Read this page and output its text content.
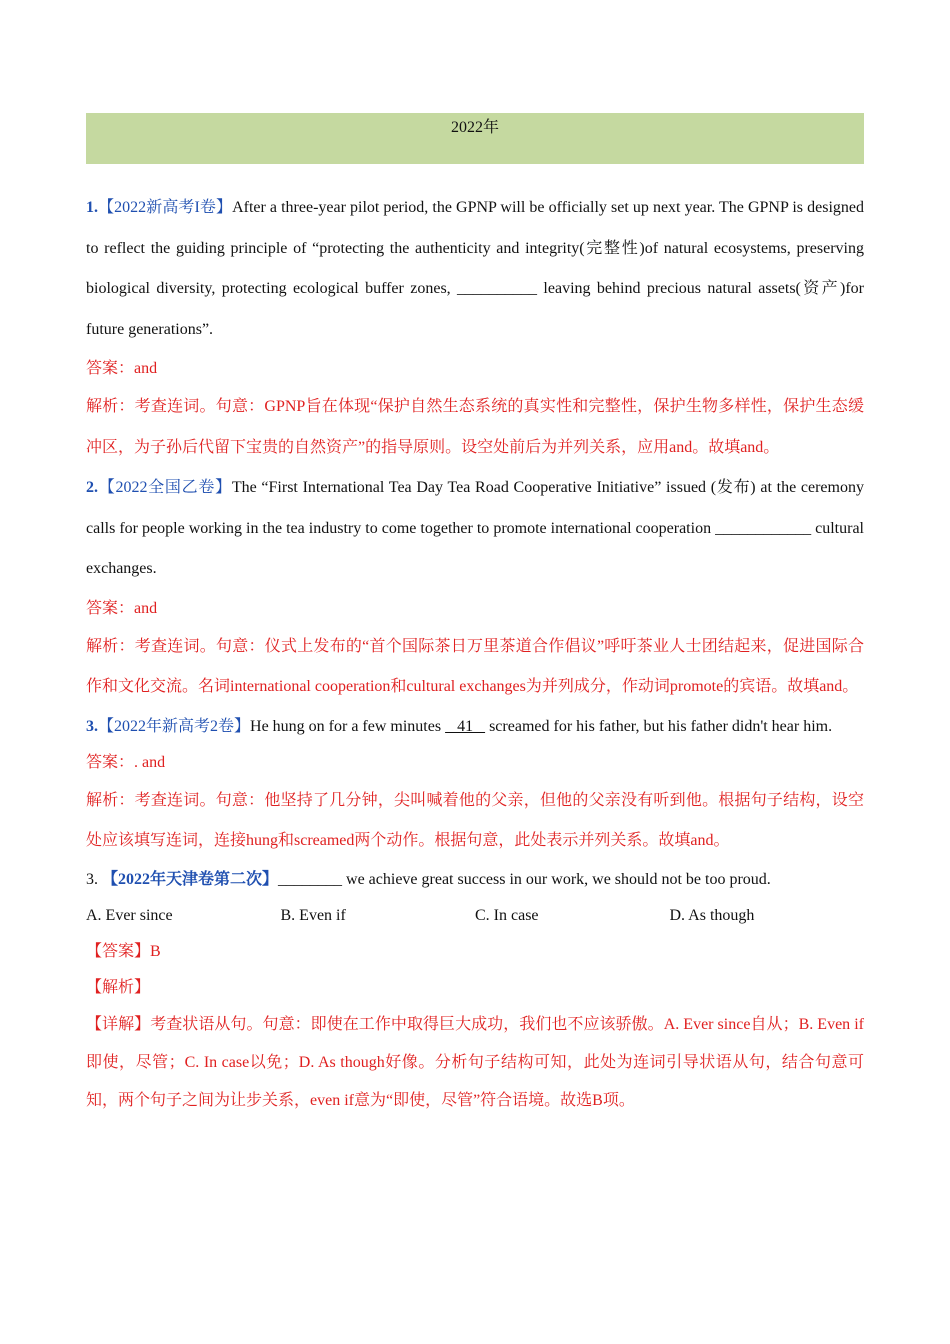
2022年

1.【2022新高考I卷】After a three-year pilot period, the GPNP will be officially set up next year. The GPNP is designed to reflect the guiding principle of “protecting the authenticity and integrity(完整性)of natural ecosystems, preserving biological diversity, protecting ecological buffer zones, __________ leaving behind precious natural assets(资产)for future generations”.

答案：and

解析：考查连词。句意：GPNP旨在体现“保护自然生态系统的真实性和完整性，保护生物多样性，保护生态缓冲区，为子孙后代留下宝贵的自然资产”的指导原则。设空处前后为并列关系，应用and。故填and。

2.【2022全国乙卷】The “First International Tea Day Tea Road Cooperative Initiative” issued (发布) at the ceremony calls for people working in the tea industry to come together to promote international cooperation ____________ cultural exchanges.

答案：and

解析：考查连词。句意：仪式上发布的“首个国际茶日万里茶道合作倡议”呼吁茶业人士团结起来，促进国际合作和文化交流。名词international cooperation和cultural exchanges为并列成分，作动词promote的宾语。故填and。

3.【2022年新高考2卷】He hung on for a few minutes    41    screamed for his father, but his father didn't hear him.

答案：. and

解析：考查连词。句意：他坚持了几分钟，尖叫喊着他的父亲，但他的父亲没有听到他。根据句子结构，设空处应该填写连词，连接hung和screamed两个动作。根据句意，此处表示并列关系。故填and。

3. 【2022年天津卷第二次】________ we achieve great success in our work, we should not be too proud.

A. Ever since	B. Even if	C. In case	D. As though

【答案】B

【解析】

【详解】考查状语从句。句意：即使在工作中取得巨大成功，我们也不应该骄傲。A. Ever since自从；B. Even if即使，尽管；C. In case以免；D. As though好像。分析句子结构可知，此处为连词引导状语从句，结合句意可知，两个句子之间为让步关系，even if意为“即使，尽管”符合语境。故选B项。
